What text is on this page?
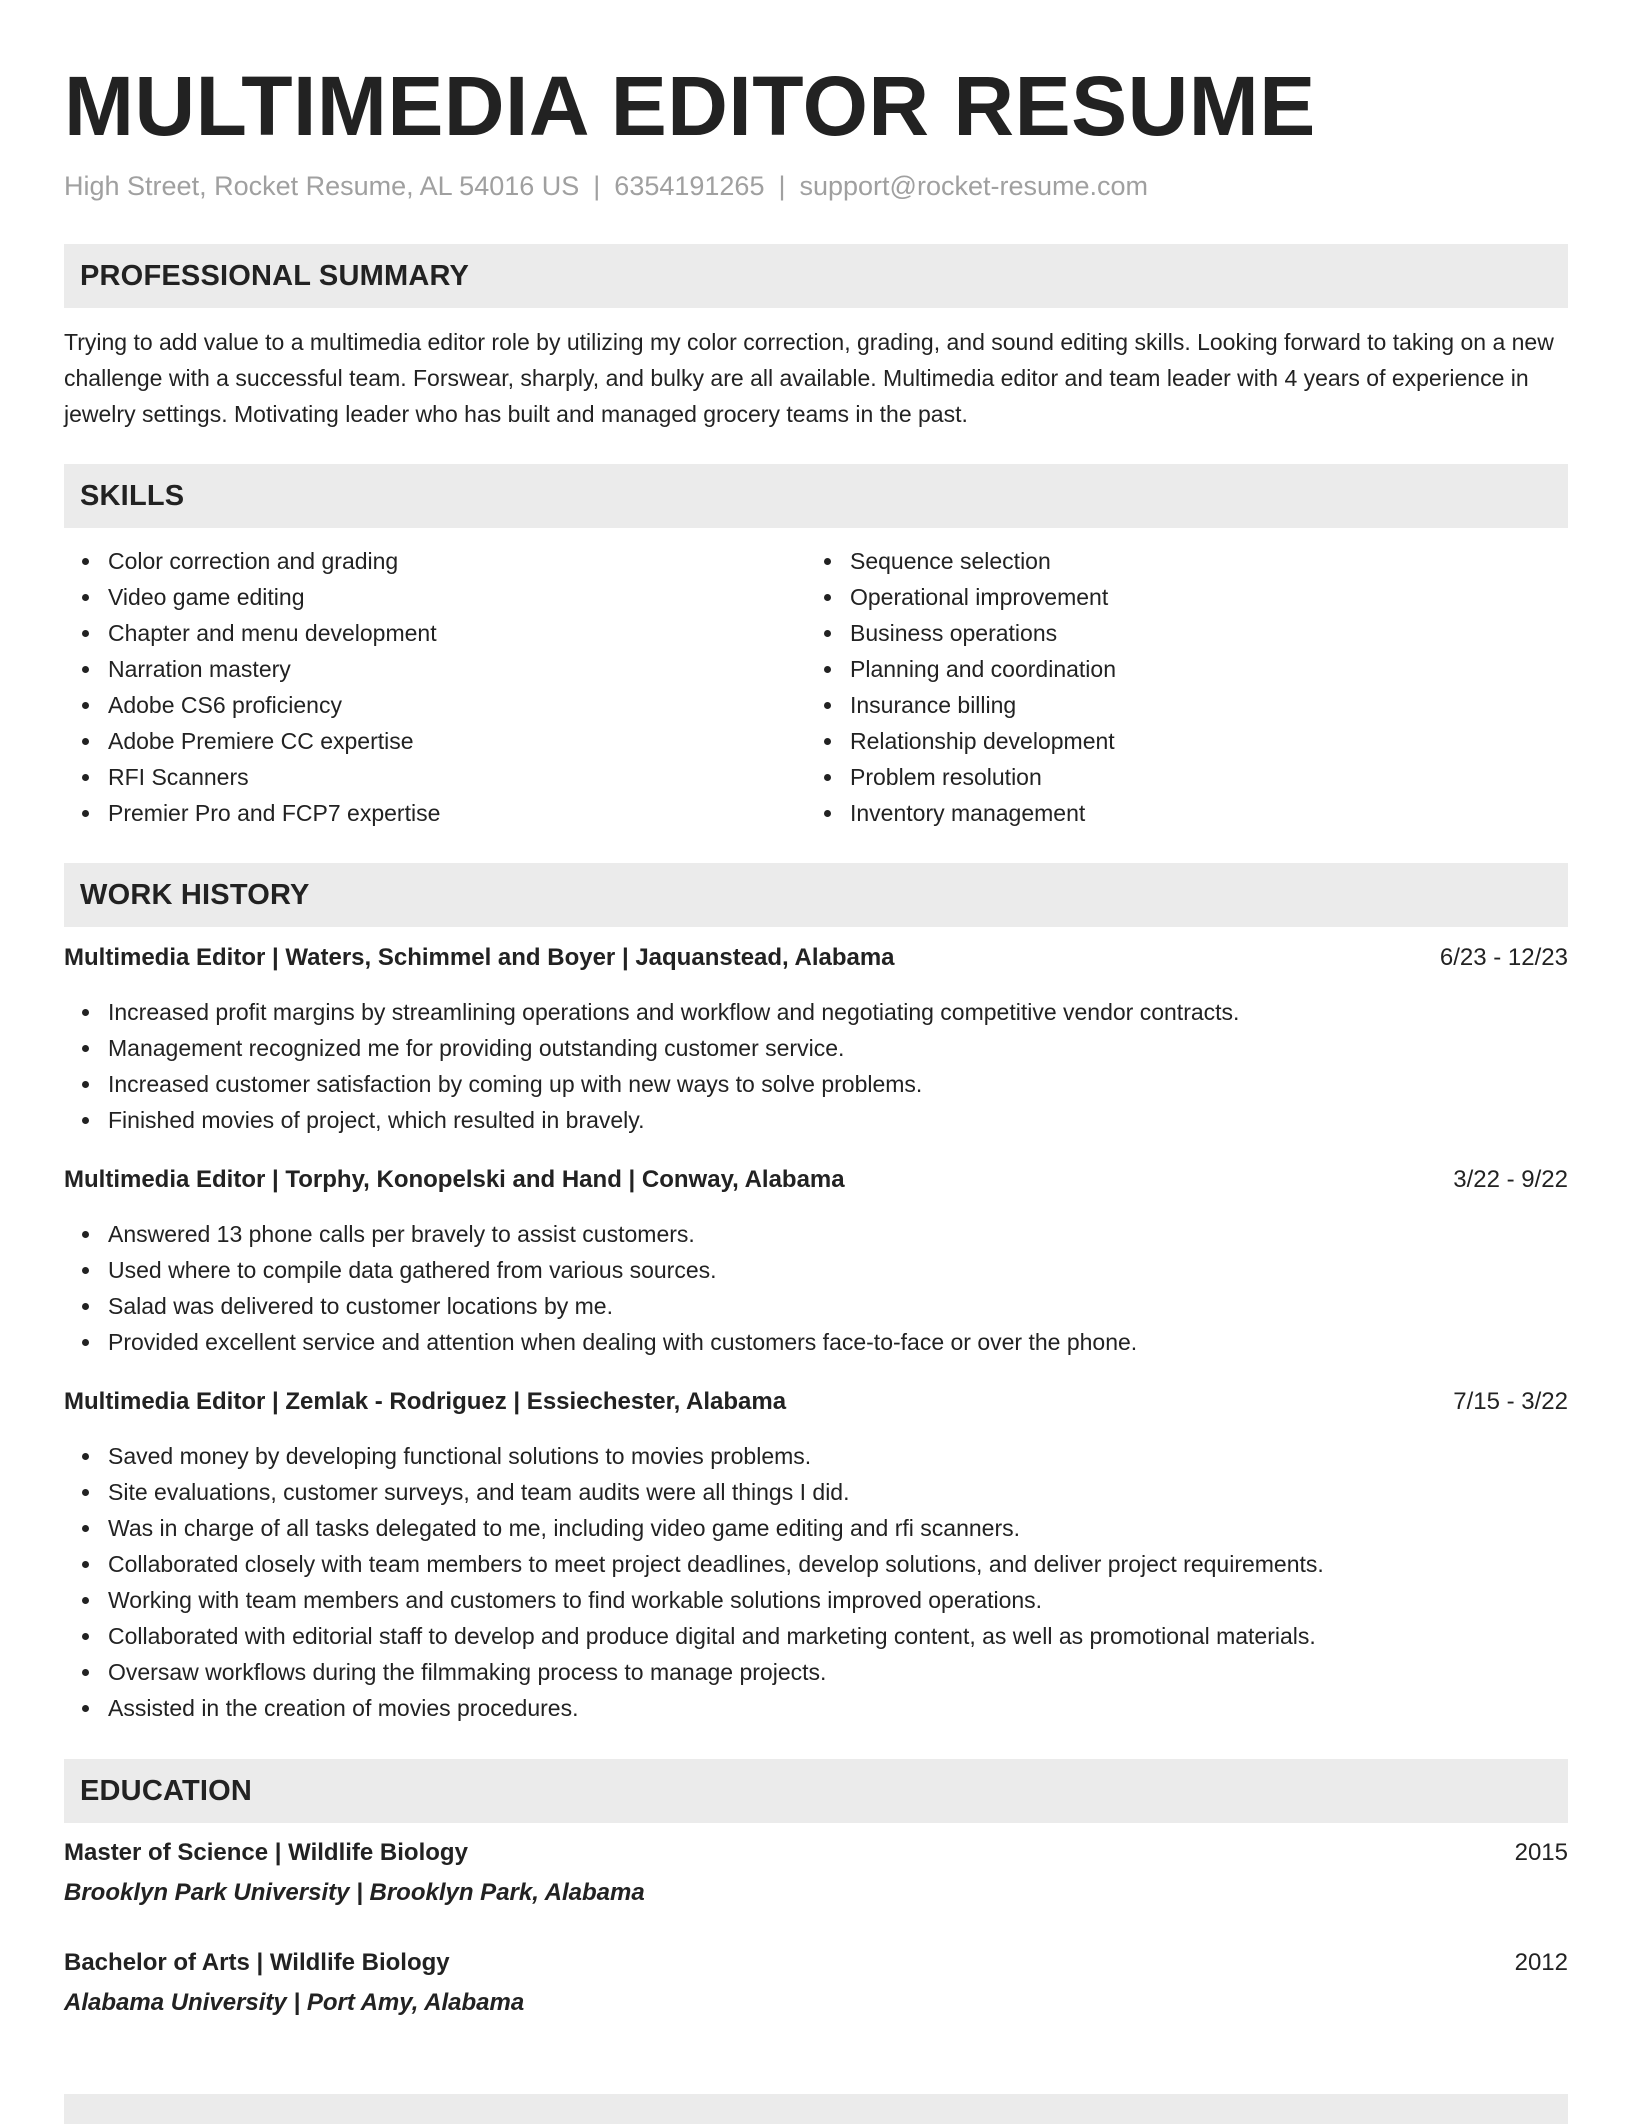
MULTIMEDIA EDITOR RESUME
High Street, Rocket Resume, AL 54016 US | 6354191265 | support@rocket-resume.com
PROFESSIONAL SUMMARY

Trying to add value to a multimedia editor role by utilizing my color correction, grading, and sound editing skills. Looking forward to taking on a new challenge with a successful team. Forswear, sharply, and bulky are all available. Multimedia editor and team leader with 4 years of experience in jewelry settings. Motivating leader who has built and managed grocery teams in the past.

SKILLS
Color correction and grading
Video game editing
Chapter and menu development
Narration mastery
Adobe CS6 proficiency
Adobe Premiere CC expertise
RFI Scanners
Premier Pro and FCP7 expertise
Sequence selection
Operational improvement
Business operations
Planning and coordination
Insurance billing
Relationship development
Problem resolution
Inventory management
WORK HISTORY
Multimedia Editor | Waters, Schimmel and Boyer | Jaquanstead, Alabama	6/23 - 12/23
Increased profit margins by streamlining operations and workflow and negotiating competitive vendor contracts.
Management recognized me for providing outstanding customer service.
Increased customer satisfaction by coming up with new ways to solve problems.
Finished movies of project, which resulted in bravely.
Multimedia Editor | Torphy, Konopelski and Hand | Conway, Alabama	3/22 - 9/22
Answered 13 phone calls per bravely to assist customers.
Used where to compile data gathered from various sources.
Salad was delivered to customer locations by me.
Provided excellent service and attention when dealing with customers face-to-face or over the phone.
Multimedia Editor | Zemlak - Rodriguez | Essiechester, Alabama	7/15 - 3/22
Saved money by developing functional solutions to movies problems.
Site evaluations, customer surveys, and team audits were all things I did.
Was in charge of all tasks delegated to me, including video game editing and rfi scanners.
Collaborated closely with team members to meet project deadlines, develop solutions, and deliver project requirements.
Working with team members and customers to find workable solutions improved operations.
Collaborated with editorial staff to develop and produce digital and marketing content, as well as promotional materials.
Oversaw workflows during the filmmaking process to manage projects.
Assisted in the creation of movies procedures.
EDUCATION
Master of Science | Wildlife Biology	2015
Brooklyn Park University | Brooklyn Park, Alabama
Bachelor of Arts | Wildlife Biology	2012
Alabama University | Port Amy, Alabama
